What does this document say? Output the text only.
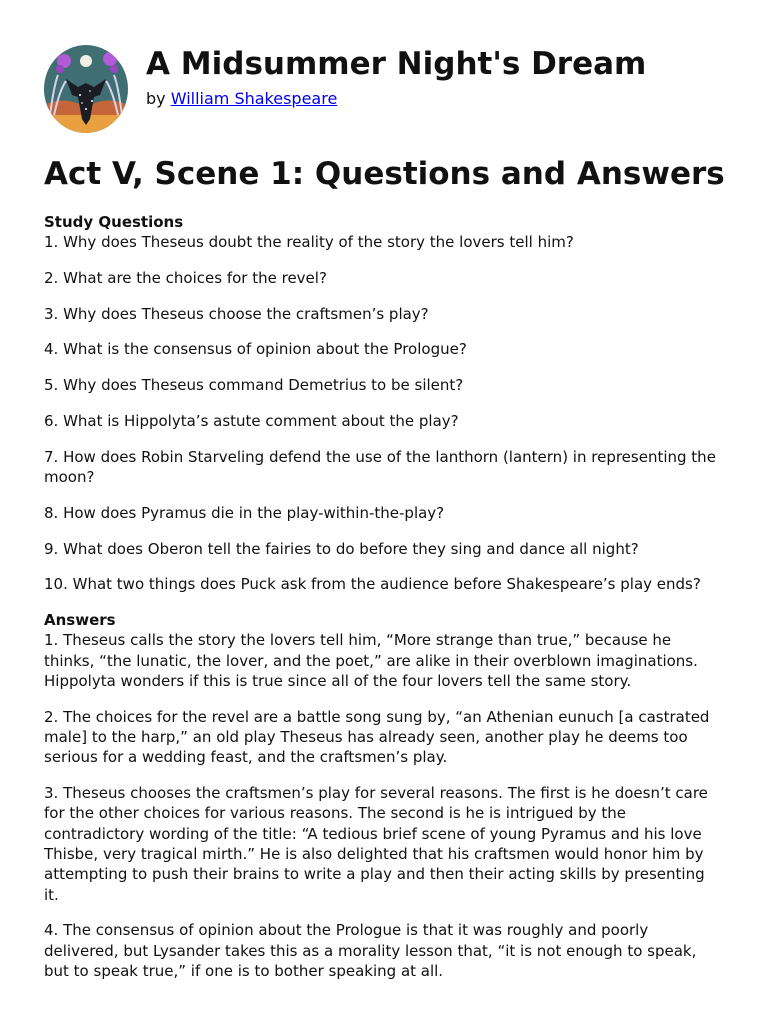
A Midsummer Night's Dream
by William Shakespeare
Act V, Scene 1: Questions and Answers
Study Questions

1. Why does Theseus doubt the reality of the story the lovers tell him?

2. What are the choices for the revel?

3. Why does Theseus choose the craftsmen’s play?

4. What is the consensus of opinion about the Prologue?

5. Why does Theseus command Demetrius to be silent?

6. What is Hippolyta’s astute comment about the play?

7. How does Robin Starveling defend the use of the lanthorn (lantern) in representing the moon?

8. How does Pyramus die in the play-within-the-play?

9. What does Oberon tell the fairies to do before they sing and dance all night?

10. What two things does Puck ask from the audience before Shakespeare’s play ends?

Answers

1. Theseus calls the story the lovers tell him, “More strange than true,” because he thinks, “the lunatic, the lover, and the poet,” are alike in their overblown imaginations. Hippolyta wonders if this is true since all of the four lovers tell the same story.

2. The choices for the revel are a battle song sung by, “an Athenian eunuch [a castrated male] to the harp,” an old play Theseus has already seen, another play he deems too serious for a wedding feast, and the craftsmen’s play.

3. Theseus chooses the craftsmen’s play for several reasons. The first is he doesn’t care for the other choices for various reasons. The second is he is intrigued by the contradictory wording of the title: “A tedious brief scene of young Pyramus and his love Thisbe, very tragical mirth.” He is also delighted that his craftsmen would honor him by attempting to push their brains to write a play and then their acting skills by presenting it.

4. The consensus of opinion about the Prologue is that it was roughly and poorly delivered, but Lysander takes this as a morality lesson that, “it is not enough to speak, but to speak true,” if one is to bother speaking at all.
